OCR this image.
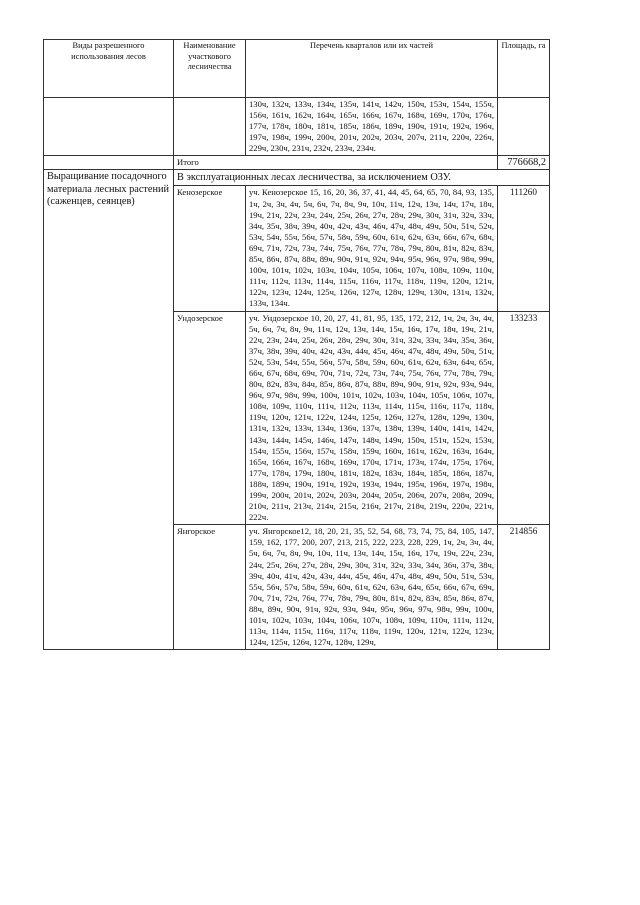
Виды разрешенного использования лесов	Наименование участкового лесничества	Перечень кварталов или их частей	Площадь, га
		130ч, 132ч, 133ч, 134ч, 135ч, 141ч, 142ч, 150ч, 153ч, 154ч, 155ч, 156ч, 161ч, 162ч, 164ч, 165ч, 166ч, 167ч, 168ч, 169ч, 170ч, 176ч, 177ч, 178ч, 180ч, 181ч, 185ч, 186ч, 189ч, 190ч, 191ч, 192ч, 196ч, 197ч, 198ч, 199ч, 200ч, 201ч, 202ч, 203ч, 207ч, 211ч, 220ч, 226ч, 229ч, 230ч, 231ч, 232ч, 233ч, 234ч.	
	Итого		776668,2
Выращивание посадочного материала лесных растений (саженцев, сеянцев)	В эксплуатационных лесах лесничества, за исключением ОЗУ.		
	Кенозерское	уч. Кенозерское 15, 16, 20, 36, 37, 41, 44, 45, 64, 65, 70, 84, 93, 135, 1ч, 2ч, 3ч, 4ч, 5ч, 6ч, 7ч, 8ч, 9ч, 10ч, 11ч, 12ч, 13ч, 14ч, 17ч, 18ч, 19ч, 21ч, 22ч, 23ч, 24ч, 25ч, 26ч, 27ч, 28ч, 29ч, 30ч, 31ч, 32ч, 33ч, 34ч, 35ч, 38ч, 39ч, 40ч, 42ч, 43ч, 46ч, 47ч, 48ч, 49ч, 50ч, 51ч, 52ч, 53ч, 54ч, 55ч, 56ч, 57ч, 58ч, 59ч, 60ч, 61ч, 62ч, 63ч, 66ч, 67ч, 68ч, 69ч, 71ч, 72ч, 73ч, 74ч, 75ч, 76ч, 77ч, 78ч, 79ч, 80ч, 81ч, 82ч, 83ч, 85ч, 86ч, 87ч, 88ч, 89ч, 90ч, 91ч, 92ч, 94ч, 95ч, 96ч, 97ч, 98ч, 99ч, 100ч, 101ч, 102ч, 103ч, 104ч, 105ч, 106ч, 107ч, 108ч, 109ч, 110ч, 111ч, 112ч, 113ч, 114ч, 115ч, 116ч, 117ч, 118ч, 119ч, 120ч, 121ч, 122ч, 123ч, 124ч, 125ч, 126ч, 127ч, 128ч, 129ч, 130ч, 131ч, 132ч, 133ч, 134ч.	111260
	Ундозерское	уч. Ундозерское 10, 20, 27, 41, 81, 95, 135, 172, 212, 1ч, 2ч, 3ч, 4ч, 5ч, 6ч, 7ч, 8ч, 9ч, 11ч, 12ч, 13ч, 14ч, 15ч, 16ч, 17ч, 18ч, 19ч, 21ч, 22ч, 23ч, 24ч, 25ч, 26ч, 28ч, 29ч, 30ч, 31ч, 32ч, 33ч, 34ч, 35ч, 36ч, 37ч, 38ч, 39ч, 40ч, 42ч, 43ч, 44ч, 45ч, 46ч, 47ч, 48ч, 49ч, 50ч, 51ч, 52ч, 53ч, 54ч, 55ч, 56ч, 57ч, 58ч, 59ч, 60ч, 61ч, 62ч, 63ч, 64ч, 65ч, 66ч, 67ч, 68ч, 69ч, 70ч, 71ч, 72ч, 73ч, 74ч, 75ч, 76ч, 77ч, 78ч, 79ч, 80ч, 82ч, 83ч, 84ч, 85ч, 86ч, 87ч, 88ч, 89ч, 90ч, 91ч, 92ч, 93ч, 94ч, 96ч, 97ч, 98ч, 99ч, 100ч, 101ч, 102ч, 103ч, 104ч, 105ч, 106ч, 107ч, 108ч, 109ч, 110ч, 111ч, 112ч, 113ч, 114ч, 115ч, 116ч, 117ч, 118ч, 119ч, 120ч, 121ч, 122ч, 124ч, 125ч, 126ч, 127ч, 128ч, 129ч, 130ч, 131ч, 132ч, 133ч, 134ч, 136ч, 137ч, 138ч, 139ч, 140ч, 141ч, 142ч, 143ч, 144ч, 145ч, 146ч, 147ч, 148ч, 149ч, 150ч, 151ч, 152ч, 153ч, 154ч, 155ч, 156ч, 157ч, 158ч, 159ч, 160ч, 161ч, 162ч, 163ч, 164ч, 165ч, 166ч, 167ч, 168ч, 169ч, 170ч, 171ч, 173ч, 174ч, 175ч, 176ч, 177ч, 178ч, 179ч, 180ч, 181ч, 182ч, 183ч, 184ч, 185ч, 186ч, 187ч, 188ч, 189ч, 190ч, 191ч, 192ч, 193ч, 194ч, 195ч, 196ч, 197ч, 198ч, 199ч, 200ч, 201ч, 202ч, 203ч, 204ч, 205ч, 206ч, 207ч, 208ч, 209ч, 210ч, 211ч, 213ч, 214ч, 215ч, 216ч, 217ч, 218ч, 219ч, 220ч, 221ч, 222ч.	133233
	Янгорское	уч. Янгорское12, 18, 20, 21, 35, 52, 54, 68, 73, 74, 75, 84, 105, 147, 159, 162, 177, 200, 207, 213, 215, 222, 223, 228, 229, 1ч, 2ч, 3ч, 4ч, 5ч, 6ч, 7ч, 8ч, 9ч, 10ч, 11ч, 13ч, 14ч, 15ч, 16ч, 17ч, 19ч, 22ч, 23ч, 24ч, 25ч, 26ч, 27ч, 28ч, 29ч, 30ч, 31ч, 32ч, 33ч, 34ч, 36ч, 37ч, 38ч, 39ч, 40ч, 41ч, 42ч, 43ч, 44ч, 45ч, 46ч, 47ч, 48ч, 49ч, 50ч, 51ч, 53ч, 55ч, 56ч, 57ч, 58ч, 59ч, 60ч, 61ч, 62ч, 63ч, 64ч, 65ч, 66ч, 67ч, 69ч, 70ч, 71ч, 72ч, 76ч, 77ч, 78ч, 79ч, 80ч, 81ч, 82ч, 83ч, 85ч, 86ч, 87ч, 88ч, 89ч, 90ч, 91ч, 92ч, 93ч, 94ч, 95ч, 96ч, 97ч, 98ч, 99ч, 100ч, 101ч, 102ч, 103ч, 104ч, 106ч, 107ч, 108ч, 109ч, 110ч, 111ч, 112ч, 113ч, 114ч, 115ч, 116ч, 117ч, 118ч, 119ч, 120ч, 121ч, 122ч, 123ч, 124ч, 125ч, 126ч, 127ч, 128ч, 129ч,	214856
